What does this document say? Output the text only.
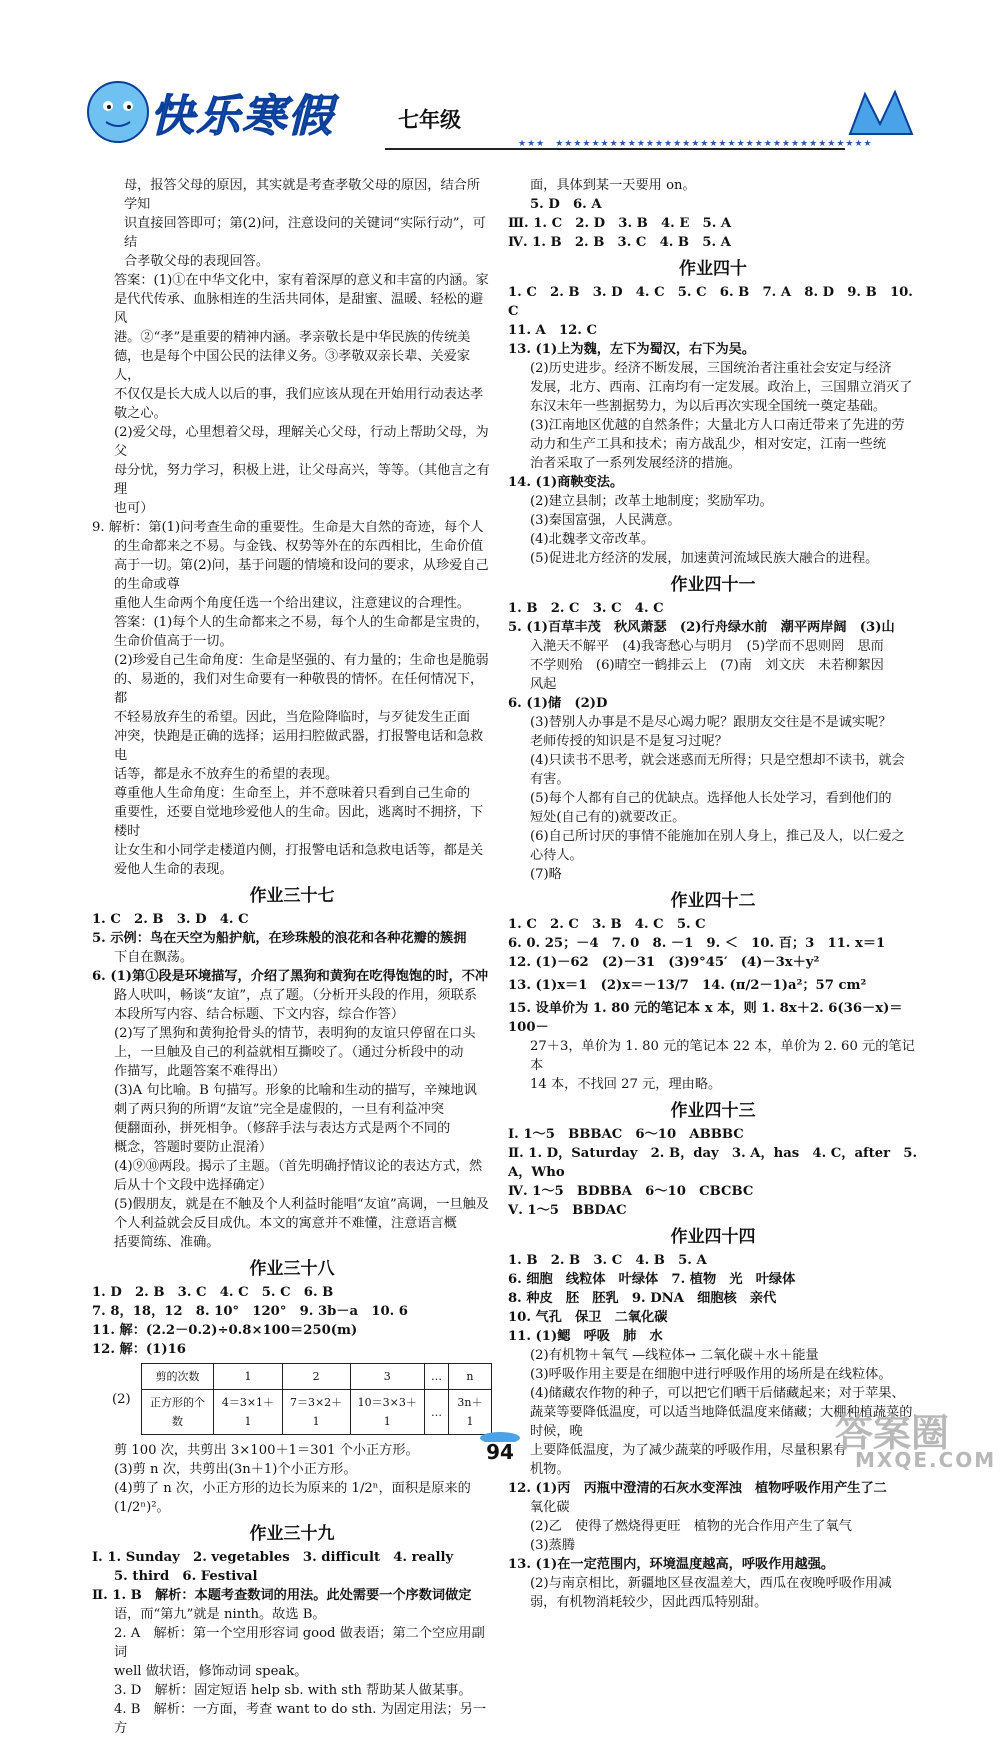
快乐寒假	七年级
★★★　★★★★★★★★★★★★★★★★★★★★★★★★★★★★★★★★★★★

母，报答父母的原因，其实就是考查孝敬父母的原因，结合所学知

识直接回答即可；第(2)问，注意设问的关键词“实际行动”，可结

合孝敬父母的表现回答。

答案：(1)①在中华文化中，家有着深厚的意义和丰富的内涵。家

是代代传承、血脉相连的生活共同体，是甜蜜、温暖、轻松的避风

港。②“孝”是重要的精神内涵。孝亲敬长是中华民族的传统美

德，也是每个中国公民的法律义务。③孝敬双亲长辈、关爱家人，

不仅仅是长大成人以后的事，我们应该从现在开始用行动表达孝

敬之心。

(2)爱父母，心里想着父母，理解关心父母，行动上帮助父母，为父

母分忧，努力学习，积极上进，让父母高兴，等等。（其他言之有理

也可）

9. 解析：第(1)问考查生命的重要性。生命是大自然的奇迹，每个人

的生命都来之不易。与金钱、权势等外在的东西相比，生命价值

高于一切。第(2)问，基于问题的情境和设问的要求，从珍爱自己的生命或尊

重他人生命两个角度任选一个给出建议，注意建议的合理性。

答案：(1)每个人的生命都来之不易，每个人的生命都是宝贵的，

生命价值高于一切。

(2)珍爱自己生命角度：生命是坚强的、有力量的；生命也是脆弱

的、易逝的，我们对生命要有一种敬畏的情怀。在任何情况下，都

不轻易放弃生的希望。因此，当危险降临时，与歹徒发生正面

冲突，快跑是正确的选择；运用扫腔做武器，打报警电话和急救电

话等，都是永不放弃生的希望的表现。

尊重他人生命角度：生命至上，并不意味着只看到自己生命的

重要性，还要自觉地珍爱他人的生命。因此，逃离时不拥挤，下楼时

让女生和小同学走楼道内侧，打报警电话和急救电话等，都是关

爱他人生命的表现。

作业三十七

1. C　2. B　3. D　4. C

5. 示例：鸟在天空为船护航，在珍珠般的浪花和各种花瓣的簇拥

下自在飘荡。

6. (1)第①段是环境描写，介绍了黑狗和黄狗在吃得饱饱的时，不冲

路人吠叫，畅谈“友谊”，点了题。（分析开头段的作用，须联系

本段所写内容、结合标题、下文内容，综合作答）

(2)写了黑狗和黄狗抢骨头的情节，表明狗的友谊只停留在口头

上，一旦触及自己的利益就相互撕咬了。（通过分析段中的动

作描写，此题答案不难得出）

(3)A 句比喻。B 句描写。形象的比喻和生动的描写，辛辣地讽

刺了两只狗的所谓“友谊”完全是虚假的，一旦有利益冲突

便翻面孙，拼死相争。（修辞手法与表达方式是两个不同的

概念，答题时要防止混淆）

(4)⑨⑩两段。揭示了主题。（首先明确抒情议论的表达方式，然

后从十个文段中选择确定）

(5)假朋友，就是在不触及个人利益时能唱“友谊”高调，一旦触及

个人利益就会反目成仇。本文的寓意并不难懂，注意语言概

括要简练、准确。

作业三十八

1. D　2. B　3. C　4. C　5. C　6. B

7. 8，18，12　8. 10°　120°　9. 3b－a　10. 6

11. 解：(2.2－0.2)÷0.8×100＝250(m)

12. 解：(1)16

(2)
剪的次数	1	2	3	…	n
正方形的个数	4＝3×1＋1	7＝3×2＋1	10＝3×3＋1	…	3n＋1

剪 100 次，共剪出 3×100＋1＝301 个小正方形。

(3)剪 n 次，共剪出(3n＋1)个小正方形。

(4)剪了 n 次，小正方形的边长为原来的 1/2ⁿ，面积是原来的

(1/2ⁿ)²。

作业三十九

Ⅰ. 1. Sunday　2. vegetables　3. difficult　4. really

5. third　6. Festival

Ⅱ. 1. B　解析：本题考查数词的用法。此处需要一个序数词做定

语，而“第九”就是 ninth。故选 B。

2. A　解析：第一个空用形容词 good 做表语；第二个空应用副词

well 做状语，修饰动词 speak。

3. D　解析：固定短语 help sb. with sth 帮助某人做某事。

4. B　解析：一方面，考查 want to do sth. 为固定用法；另一方

面，具体到某一天要用 on。

5. D　6. A

Ⅲ. 1. C　2. D　3. B　4. E　5. A

Ⅳ. 1. B　2. B　3. C　4. B　5. A

作业四十

1. C　2. B　3. D　4. C　5. C　6. B　7. A　8. D　9. B　10. C

11. A　12. C

13. (1)上为魏，左下为蜀汉，右下为吴。

(2)历史进步。经济不断发展，三国统治者注重社会安定与经济

发展，北方、西南、江南均有一定发展。政治上，三国鼎立消灭了

东汉末年一些割据势力，为以后再次实现全国统一奠定基础。

(3)江南地区优越的自然条件；大量北方人口南迁带来了先进的劳

动力和生产工具和技术；南方战乱少，相对安定，江南一些统

治者采取了一系列发展经济的措施。

14. (1)商鞅变法。

(2)建立县制；改革土地制度；奖励军功。

(3)秦国富强，人民满意。

(4)北魏孝文帝改革。

(5)促进北方经济的发展，加速黄河流域民族大融合的进程。

作业四十一

1. B　2. C　3. C　4. C

5. (1)百草丰茂　秋风萧瑟　(2)行舟绿水前　潮平两岸阔　(3)山

入滟天不解平　(4)我寄愁心与明月　(5)学而不思则罔　思而

不学则殆　(6)晴空一鹤排云上　(7)南　刘文庆　未若柳絮因

风起

6. (1)储　(2)D

(3)替别人办事是不是尽心竭力呢？跟朋友交往是不是诚实呢？

老师传授的知识是不是复习过呢？

(4)只读书不思考，就会迷惑而无所得；只是空想却不读书，就会

有害。

(5)每个人都有自己的优缺点。选择他人长处学习，看到他们的

短处(自己有的)就要改正。

(6)自己所讨厌的事情不能施加在别人身上，推己及人，以仁爱之

心待人。

(7)略

作业四十二

1. C　2. C　3. B　4. C　5. C

6. 0. 25；－4　7. 0　8. －1　9. ＜　10. 百；3　11. x＝1

12. (1)－62　(2)－31　(3)9°45′　(4)－3x＋y²

13. (1)x＝1　(2)x＝－13/7　14. (π/2－1)a²；57 cm²

15. 设单价为 1. 80 元的笔记本 x 本，则 1. 8x＋2. 6(36－x)＝100－

27＋3，单价为 1. 80 元的笔记本 22 本，单价为 2. 60 元的笔记本

14 本，不找回 27 元，理由略。

作业四十三

Ⅰ. 1～5　BBBAC　6～10　ABBBC

Ⅱ. 1. D，Saturday　2. B，day　3. A，has　4. C，after　5. A，Who

Ⅳ. 1～5　BDBBA　6～10　CBCBC

Ⅴ. 1～5　BBDAC

作业四十四

1. B　2. B　3. C　4. B　5. A

6. 细胞　线粒体　叶绿体　7. 植物　光　叶绿体

8. 种皮　胚　胚乳　9. DNA　细胞核　亲代

10. 气孔　保卫　二氧化碳

11. (1)鳃　呼吸　肺　水

(2)有机物＋氧气 —线粒体→ 二氧化碳＋水＋能量

(3)呼吸作用主要是在细胞中进行呼吸作用的场所是在线粒体。

(4)储藏农作物的种子，可以把它们晒干后储藏起来；对于苹果、

蔬菜等要降低温度，可以适当地降低温度来储藏；大棚种植蔬菜的时候，晚

上要降低温度，为了减少蔬菜的呼吸作用，尽量积累有

机物。

12. (1)丙　丙瓶中澄清的石灰水变浑浊　植物呼吸作用产生了二

氧化碳

(2)乙　使得了燃烧得更旺　植物的光合作用产生了氧气

(3)蒸腾

13. (1)在一定范围内，环境温度越高，呼吸作用越强。

(2)与南京相比，新疆地区昼夜温差大，西瓜在夜晚呼吸作用减

弱，有机物消耗较少，因此西瓜特别甜。

94	答案圈
MXQE.COM
